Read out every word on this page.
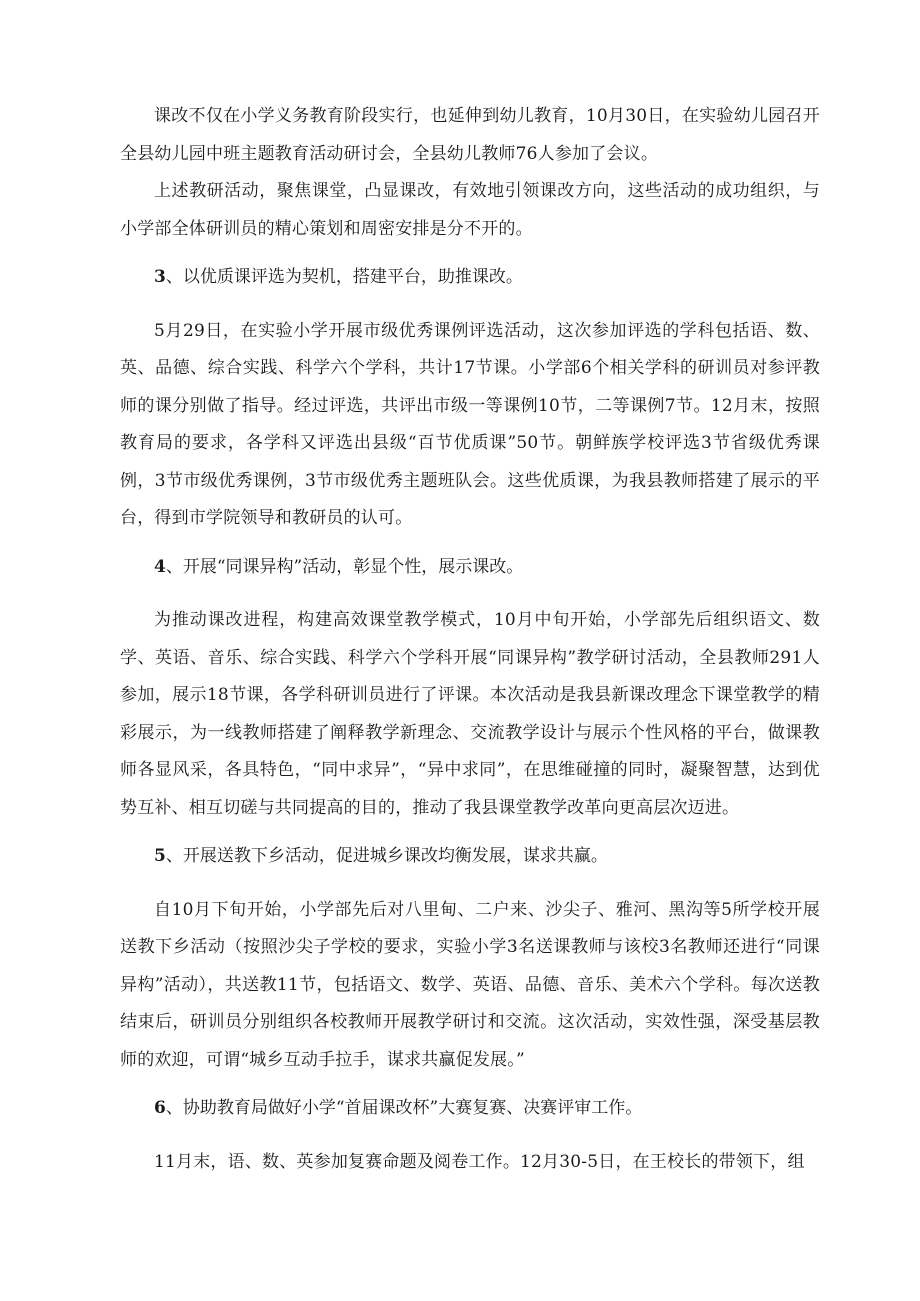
课改不仅在小学义务教育阶段实行，也延伸到幼儿教育，10月30日，在实验幼儿园召开全县幼儿园中班主题教育活动研讨会，全县幼儿教师76人参加了会议。

上述教研活动，聚焦课堂，凸显课改，有效地引领课改方向，这些活动的成功组织，与小学部全体研训员的精心策划和周密安排是分不开的。

3、以优质课评选为契机，搭建平台，助推课改。

5月29日，在实验小学开展市级优秀课例评选活动，这次参加评选的学科包括语、数、英、品德、综合实践、科学六个学科，共计17节课。小学部6个相关学科的研训员对参评教师的课分别做了指导。经过评选，共评出市级一等课例10节，二等课例7节。12月末，按照教育局的要求，各学科又评选出县级“百节优质课”50节。朝鲜族学校评选3节省级优秀课例，3节市级优秀课例，3节市级优秀主题班队会。这些优质课，为我县教师搭建了展示的平台，得到市学院领导和教研员的认可。

4、开展“同课异构”活动，彰显个性，展示课改。

为推动课改进程，构建高效课堂教学模式，10月中旬开始，小学部先后组织语文、数学、英语、音乐、综合实践、科学六个学科开展“同课异构”教学研讨活动，全县教师291人参加，展示18节课，各学科研训员进行了评课。本次活动是我县新课改理念下课堂教学的精彩展示，为一线教师搭建了阐释教学新理念、交流教学设计与展示个性风格的平台，做课教师各显风采，各具特色，“同中求异”，“异中求同”，在思维碰撞的同时，凝聚智慧，达到优势互补、相互切磋与共同提高的目的，推动了我县课堂教学改革向更高层次迈进。

5、开展送教下乡活动，促进城乡课改均衡发展，谋求共赢。

自10月下旬开始，小学部先后对八里甸、二户来、沙尖子、雅河、黑沟等5所学校开展送教下乡活动（按照沙尖子学校的要求，实验小学3名送课教师与该校3名教师还进行“同课异构”活动），共送教11节，包括语文、数学、英语、品德、音乐、美术六个学科。每次送教结束后，研训员分别组织各校教师开展教学研讨和交流。这次活动，实效性强，深受基层教师的欢迎，可谓“城乡互动手拉手，谋求共赢促发展。”

6、协助教育局做好小学“首届课改杯”大赛复赛、决赛评审工作。

11月末，语、数、英参加复赛命题及阅卷工作。12月30-5日，在王校长的带领下，组
